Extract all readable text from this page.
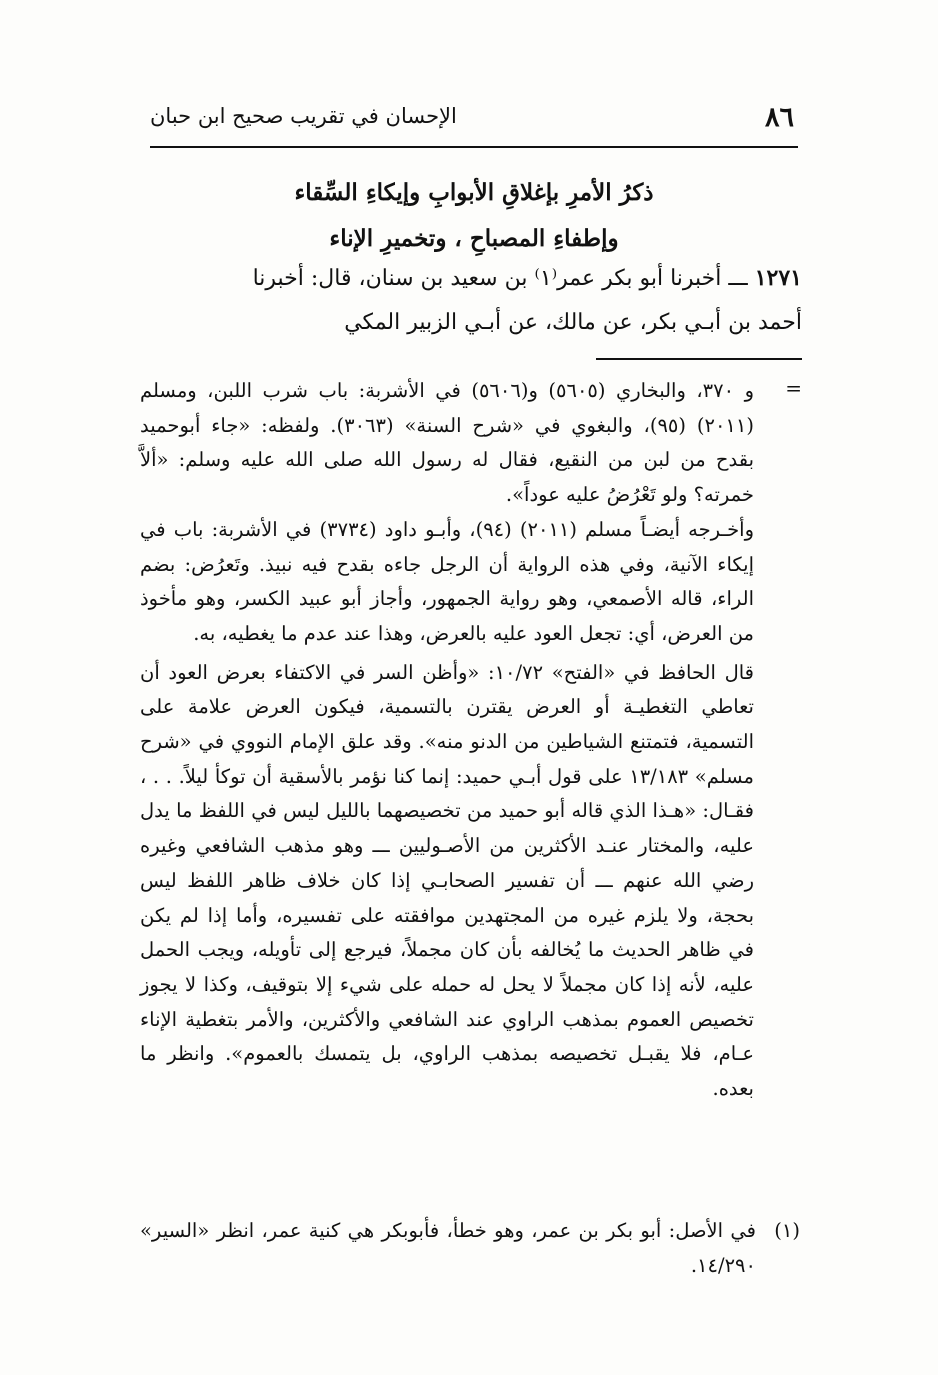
٨٦
الإحسان في تقريب صحيح ابن حبان
ذكرُ الأمرِ بإغلاقِ الأبوابِ وإيكاءِ السِّقاء
وإطفاءِ المصباحِ ، وتخميرِ الإناء

١٢٧١ ـــ أخبرنا أبو بكر عمر⁽١⁾ بن سعيد بن سنان، قال: أخبرنا

أحمد بن أبـي بكر، عن مالك، عن أبـي الزبير المكي

=

و ٣٧٠، والبخاري (٥٦٠٥) و(٥٦٠٦) في الأشربة: باب شرب اللبن، ومسلم (٢٠١١) (٩٥)، والبغوي في «شرح السنة» (٣٠٦٣). ولفظه: «جاء أبوحميد بقدح من لبن من النقيع، فقال له رسول الله صلى الله عليه وسلم: «ألاَّ خمرته؟ ولو تَعْرُضُ عليه عوداً».

وأخـرجه أيضـاً مسلم (٢٠١١) (٩٤)، وأبـو داود (٣٧٣٤) في الأشربة: باب في إيكاء الآنية، وفي هذه الرواية أن الرجل جاءه بقدح فيه نبيذ. وتَعرُض: بضم الراء، قاله الأصمعي، وهو رواية الجمهور، وأجاز أبو عبيد الكسر، وهو مأخوذ من العرض، أي: تجعل العود عليه بالعرض، وهذا عند عدم ما يغطيه، به.

قال الحافظ في «الفتح» ١٠/٧٢: «وأظن السر في الاكتفاء بعرض العود أن تعاطي التغطيـة أو العرض يقترن بالتسمية، فيكون العرض علامة على التسمية، فتمتنع الشياطين من الدنو منه». وقد علق الإمام النووي في «شرح مسلم» ١٣/١٨٣ على قول أبـي حميد: إنما كنا نؤمر بالأسقية أن توكأ ليلاً. . . ، فقـال: «هـذا الذي قاله أبو حميد من تخصيصهما بالليل ليس في اللفظ ما يدل عليه، والمختار عنـد الأكثرين من الأصـوليين ـــ وهو مذهب الشافعي وغيره رضي الله عنهم ـــ أن تفسير الصحابـي إذا كان خلاف ظاهر اللفظ ليس بحجة، ولا يلزم غيره من المجتهدين موافقته على تفسيره، وأما إذا لم يكن في ظاهر الحديث ما يُخالفه بأن كان مجملاً، فيرجع إلى تأويله، ويجب الحمل عليه، لأنه إذا كان مجملاً لا يحل له حمله على شيء إلا بتوقيف، وكذا لا يجوز تخصيص العموم بمذهب الراوي عند الشافعي والأكثرين، والأمر بتغطية الإناء عـام، فلا يقبـل تخصيصه بمذهب الراوي، بل يتمسك بالعموم». وانظر ما بعده.

(١)
في الأصل: أبو بكر بن عمر، وهو خطأ، فأبوبكر هي كنية عمر، انظر «السير» ١٤/٢٩٠.
